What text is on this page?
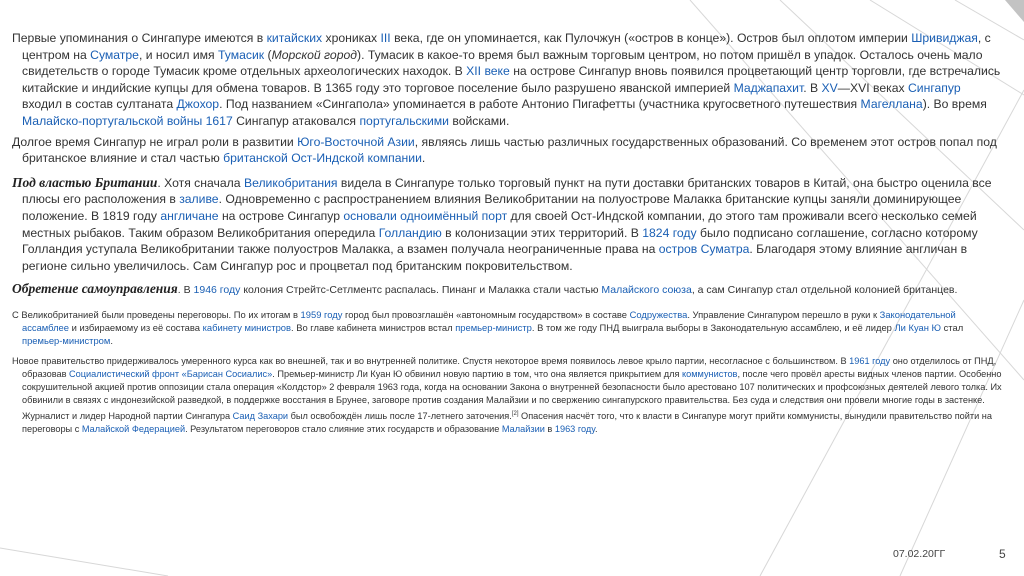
Первые упоминания о Сингапуре имеются в китайских хрониках III века, где он упоминается, как Пулочжун («остров в конце»). Остров был оплотом империи Шривиджая, с центром на Суматре, и носил имя Тумасик (Морской город). Тумасик в какое-то время был важным торговым центром, но потом пришёл в упадок. Осталось очень мало свидетельств о городе Тумасик кроме отдельных археологических находок. В XII веке на острове Сингапур вновь появился процветающий центр торговли, где встречались китайские и индийские купцы для обмена товаров. В 1365 году это торговое поселение было разрушено яванской империей Маджапахит. В XV—XVI веках Сингапур входил в состав султаната Джохор. Под названием «Сингапола» упоминается в работе Антонио Пигафетты (участника кругосветного путешествия Магеллана). Во время Малайско-португальской войны 1617 Сингапур атаковался португальскими войсками.

Долгое время Сингапур не играл роли в развитии Юго-Восточной Азии, являясь лишь частью различных государственных образований. Со временем этот остров попал под британское влияние и стал частью британской Ост-Индской компании.

Под властью Британии. Хотя сначала Великобритания видела в Сингапуре только торговый пункт на пути доставки британских товаров в Китай, она быстро оценила все плюсы его расположения в заливе. Одновременно с распространением влияния Великобритании на полуострове Малакка британские купцы заняли доминирующее положение. В 1819 году англичане на острове Сингапур основали одноимённый порт для своей Ост-Индской компании, до этого там проживали всего несколько семей местных рыбаков. Таким образом Великобритания опередила Голландию в колонизации этих территорий. В 1824 году было подписано соглашение, согласно которому Голландия уступала Великобритании также полуостров Малакка, а взамен получала неограниченные права на остров Суматра. Благодаря этому влияние англичан в регионе сильно увеличилось. Сам Сингапур рос и процветал под британским покровительством.

Обретение самоуправления. В 1946 году колония Стрейтс-Сетлментс распалась. Пинанг и Малакка стали частью Малайского союза, а сам Сингапур стал отдельной колонией британцев.

С Великобританией были проведены переговоры. По их итогам в 1959 году город был провозглашён «автономным государством» в составе Содружества. Управление Сингапуром перешло в руки к Законодательной ассамблее и избираемому из её состава кабинету министров. Во главе кабинета министров встал премьер-министр. В том же году ПНД выиграла выборы в Законодательную ассамблею, и её лидер Ли Куан Ю стал премьер-министром.

Новое правительство придерживалось умеренного курса как во внешней, так и во внутренней политике. Спустя некоторое время появилось левое крыло партии, несогласное с большинством. В 1961 году оно отделилось от ПНД, образовав Социалистический фронт «Барисан Сосиалис». Премьер-министр Ли Куан Ю обвинил новую партию в том, что она является прикрытием для коммунистов, после чего провёл аресты видных членов партии. Особенно сокрушительной акцией против оппозиции стала операция «Колдстор» 2 февраля 1963 года, когда на основании Закона о внутренней безопасности было арестовано 107 политических и профсоюзных деятелей левого толка. Их обвинили в связях с индонезийской разведкой, в поддержке восстания в Брунее, заговоре против создания Малайзии и по свержению сингапурского правительства. Без суда и следствия они провели многие годы в застенке. Журналист и лидер Народной партии Сингапура Саид Захари был освобождён лишь после 17-летнего заточения.[2] Опасения насчёт того, что к власти в Сингапуре могут прийти коммунисты, вынудили правительство пойти на переговоры с Малайской Федерацией. Результатом переговоров стало слияние этих государств и образование Малайзии в 1963 году.

07.02.20ГГ	5
